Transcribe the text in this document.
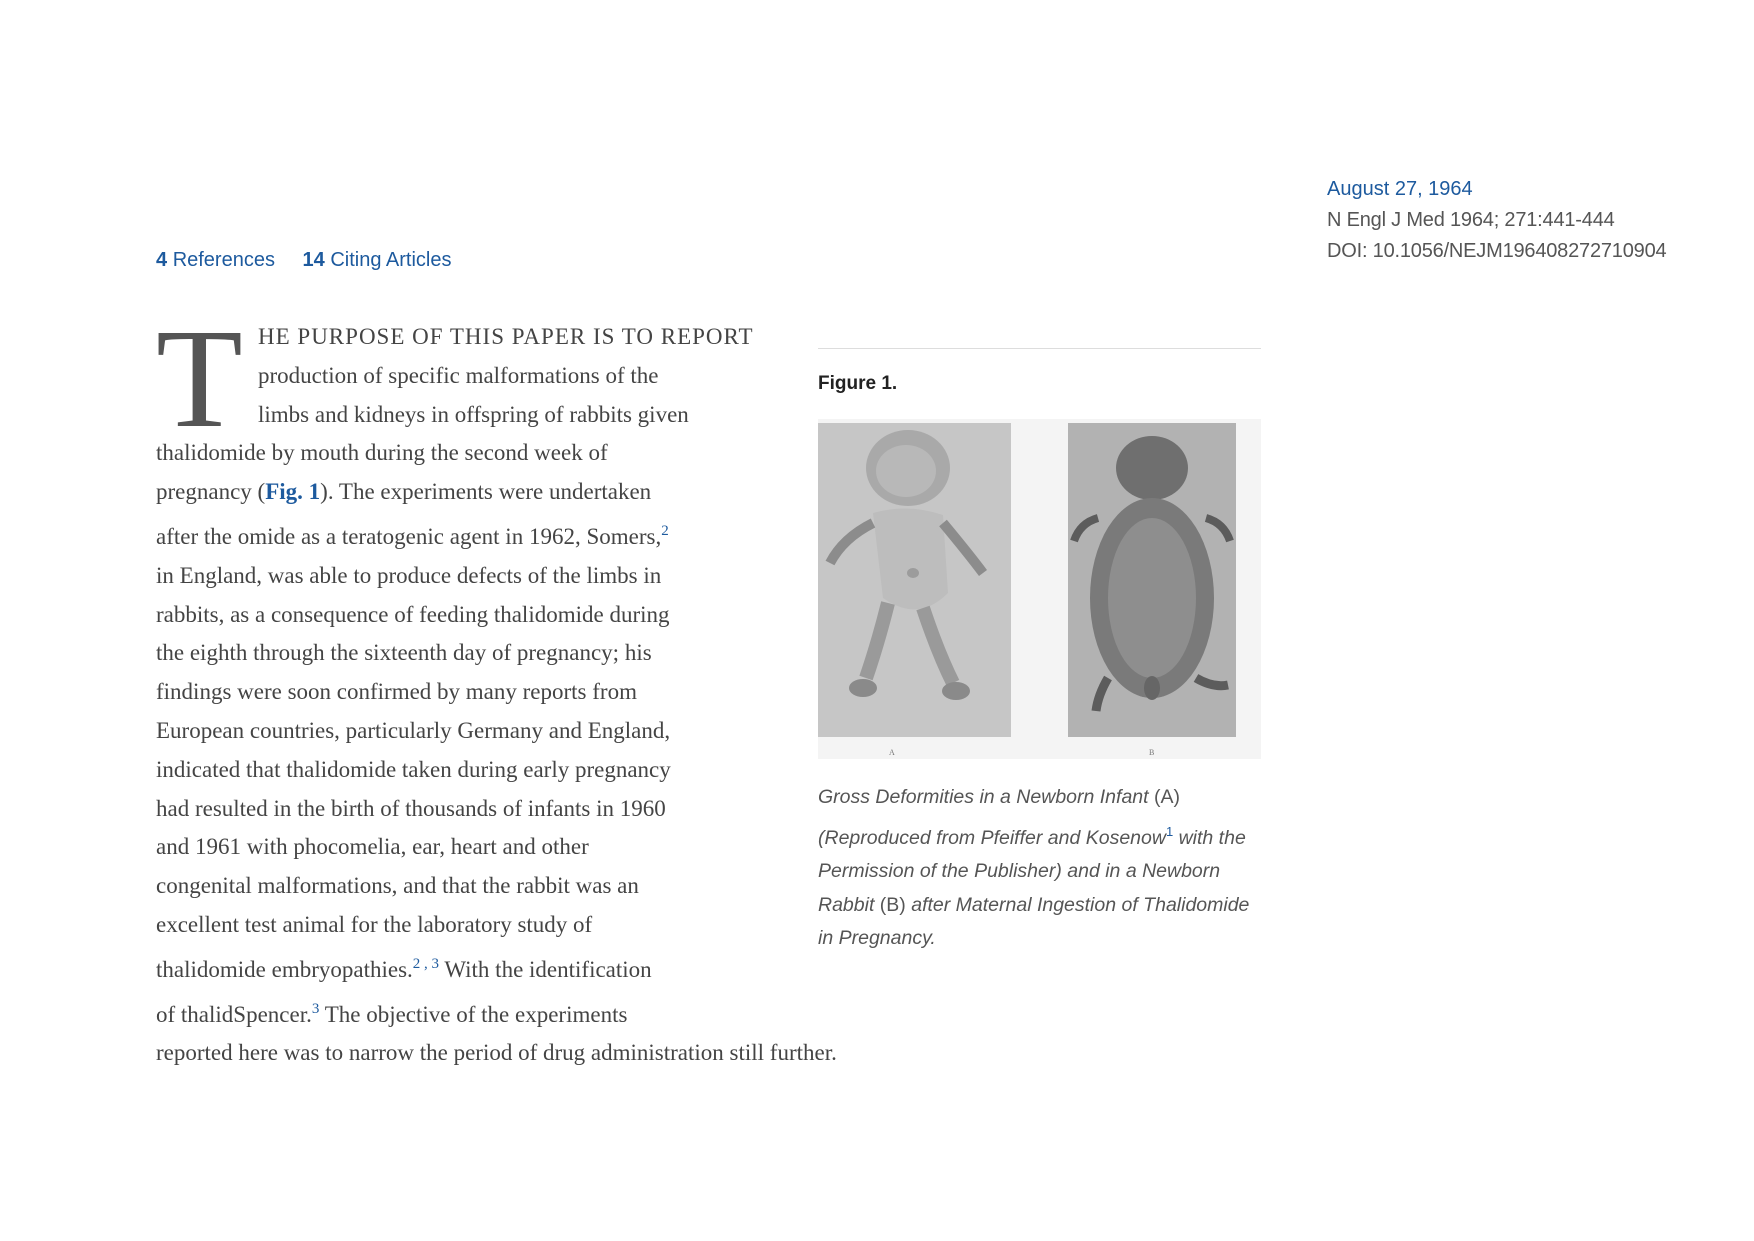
August 27, 1964
N Engl J Med 1964; 271:441-444
DOI: 10.1056/NEJM196408272710904
4 References 14 Citing Articles
T HE PURPOSE OF THIS PAPER IS TO REPORT
production of specific malformations of the
limbs and kidneys in offspring of rabbits given
thalidomide by mouth during the second week of
pregnancy (Fig. 1). The experiments were undertaken
after the omide as a teratogenic agent in 1962, Somers,$^2$
in England, was able to produce defects of the limbs in
rabbits, as a consequence of feeding thalidomide during
the eighth through the sixteenth day of pregnancy; his
findings were soon confirmed by many reports from
European countries, particularly Germany and England,
indicated that thalidomide taken during early pregnancy
had resulted in the birth of thousands of infants in 1960
and 1961 with phocomelia, ear, heart and other
congenital malformations, and that the rabbit was an
excellent test animal for the laboratory study of
thalidomide embryopathies.$^2$ , $^3$ With the identification
of thalidSpencer.$^3$ The objective of the experiments
reported here was to narrow the period of drug administration still further.
Figure 1.
A	B
Gross Deformities in a Newborn Infant (A)
(Reproduced from Pfeiffer and Kosenow$^1$ with the Permission of the Publisher) and in a Newborn Rabbit (B) after Maternal Ingestion of Thalidomide in Pregnancy.
